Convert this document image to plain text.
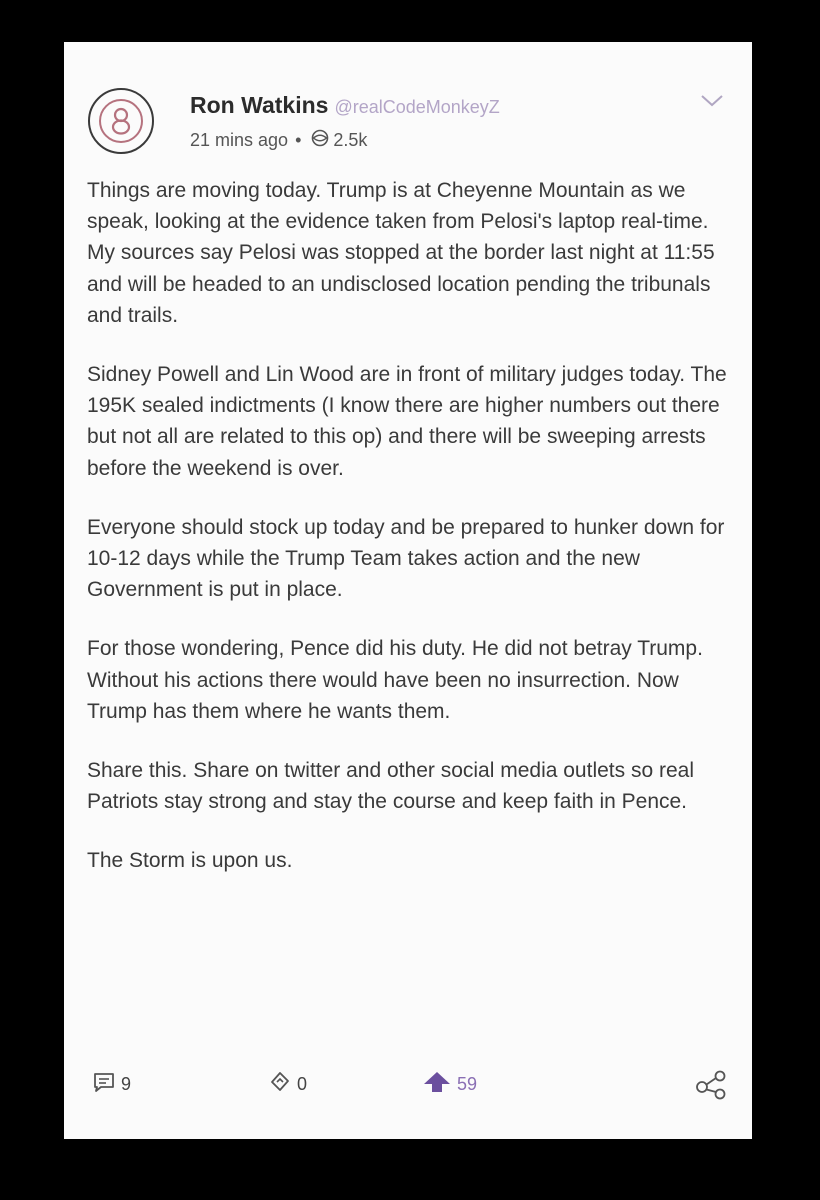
Ron Watkins @realCodeMonkeyZ
21 mins ago • 2.5k

Things are moving today. Trump is at Cheyenne Mountain as we speak, looking at the evidence taken from Pelosi's laptop real-time. My sources say Pelosi was stopped at the border last night at 11:55 and will be headed to an undisclosed location pending the tribunals and trails.

Sidney Powell and Lin Wood are in front of military judges today. The 195K sealed indictments (I know there are higher numbers out there but not all are related to this op) and there will be sweeping arrests before the weekend is over.

Everyone should stock up today and be prepared to hunker down for 10-12 days while the Trump Team takes action and the new Government is put in place.

For those wondering, Pence did his duty. He did not betray Trump. Without his actions there would have been no insurrection. Now Trump has them where he wants them.

Share this. Share on twitter and other social media outlets so real Patriots stay strong and stay the course and keep faith in Pence.

The Storm is upon us.

9	0	59
